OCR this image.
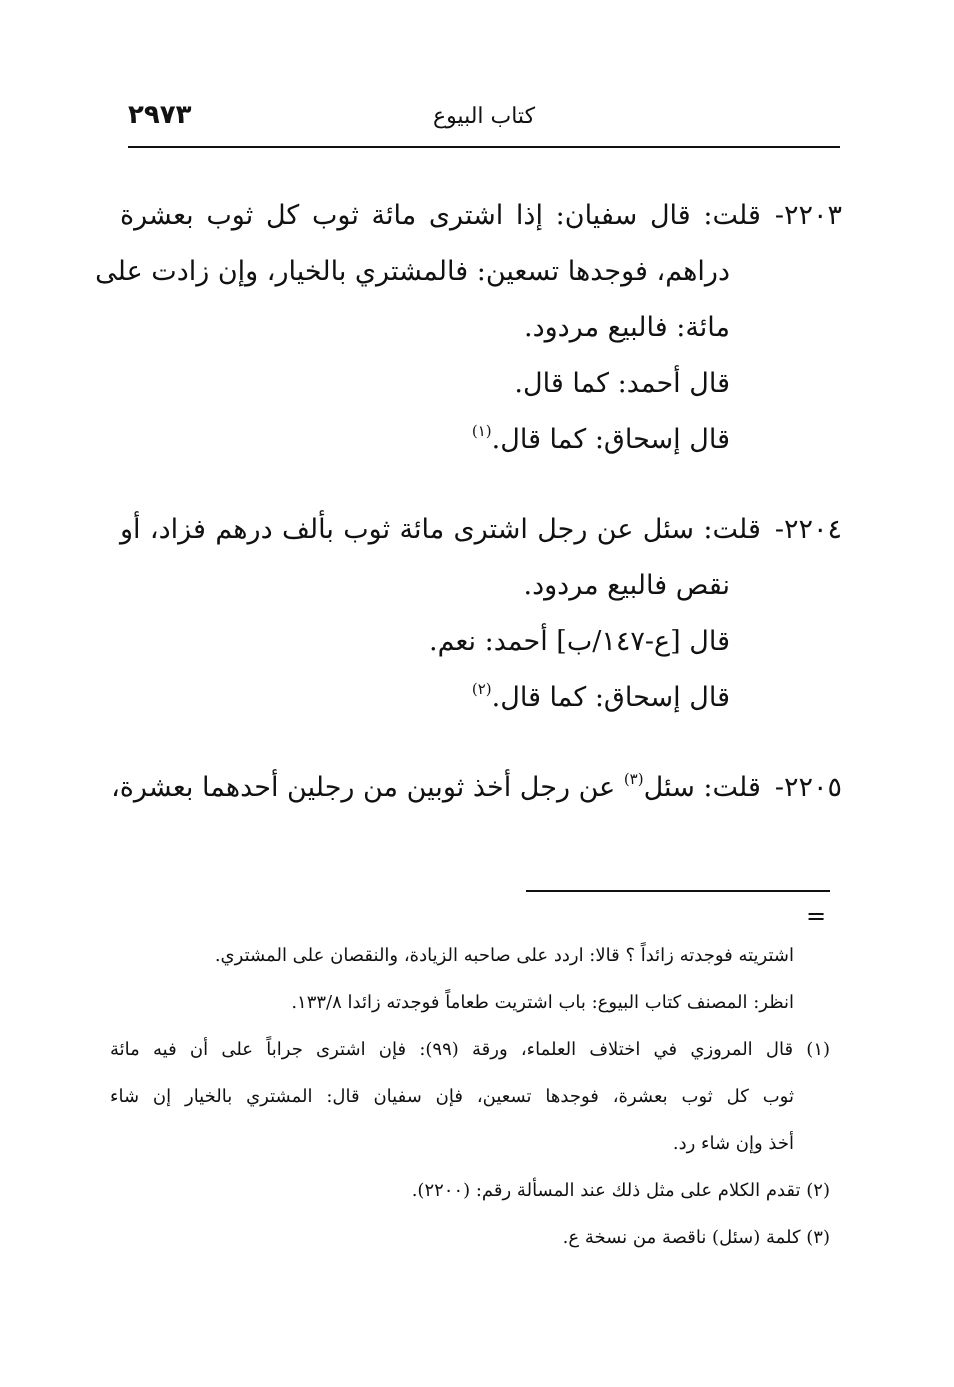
٢٩٧٣	كتاب البيوع
٢٢٠٣-قلت: قال سفيان: إذا اشترى مائة ثوب كل ثوب بعشرة
دراهم، فوجدها تسعين: فالمشتري بالخيار، وإن زادت على
مائة: فالبيع مردود.
قال أحمد: كما قال.
قال إسحاق: كما قال.$^{(١)}$
٢٢٠٤-قلت: سئل عن رجل اشترى مائة ثوب بألف درهم فزاد، أو
نقص فالبيع مردود.
قال [ع-١٤٧/ب] أحمد: نعم.
قال إسحاق: كما قال.$^{(٢)}$
٢٢٠٥-قلت: سئل$^{(٣)}$ عن رجل أخذ ثوبين من رجلين أحدهما بعشرة،
=
اشتريته فوجدته زائداً ؟ قالا: اردد على صاحبه الزيادة، والنقصان على المشتري.
انظر: المصنف كتاب البيوع: باب اشتريت طعاماً فوجدته زائدا ١٣٣/٨.
(١) قال المروزي في اختلاف العلماء، ورقة (٩٩): فإن اشترى جراباً على أن فيه مائة
ثوب كل ثوب بعشرة، فوجدها تسعين، فإن سفيان قال: المشتري بالخيار إن شاء
أخذ وإن شاء رد.
(٢) تقدم الكلام على مثل ذلك عند المسألة رقم: (٢٢٠٠).
(٣) كلمة (سئل) ناقصة من نسخة ع.
